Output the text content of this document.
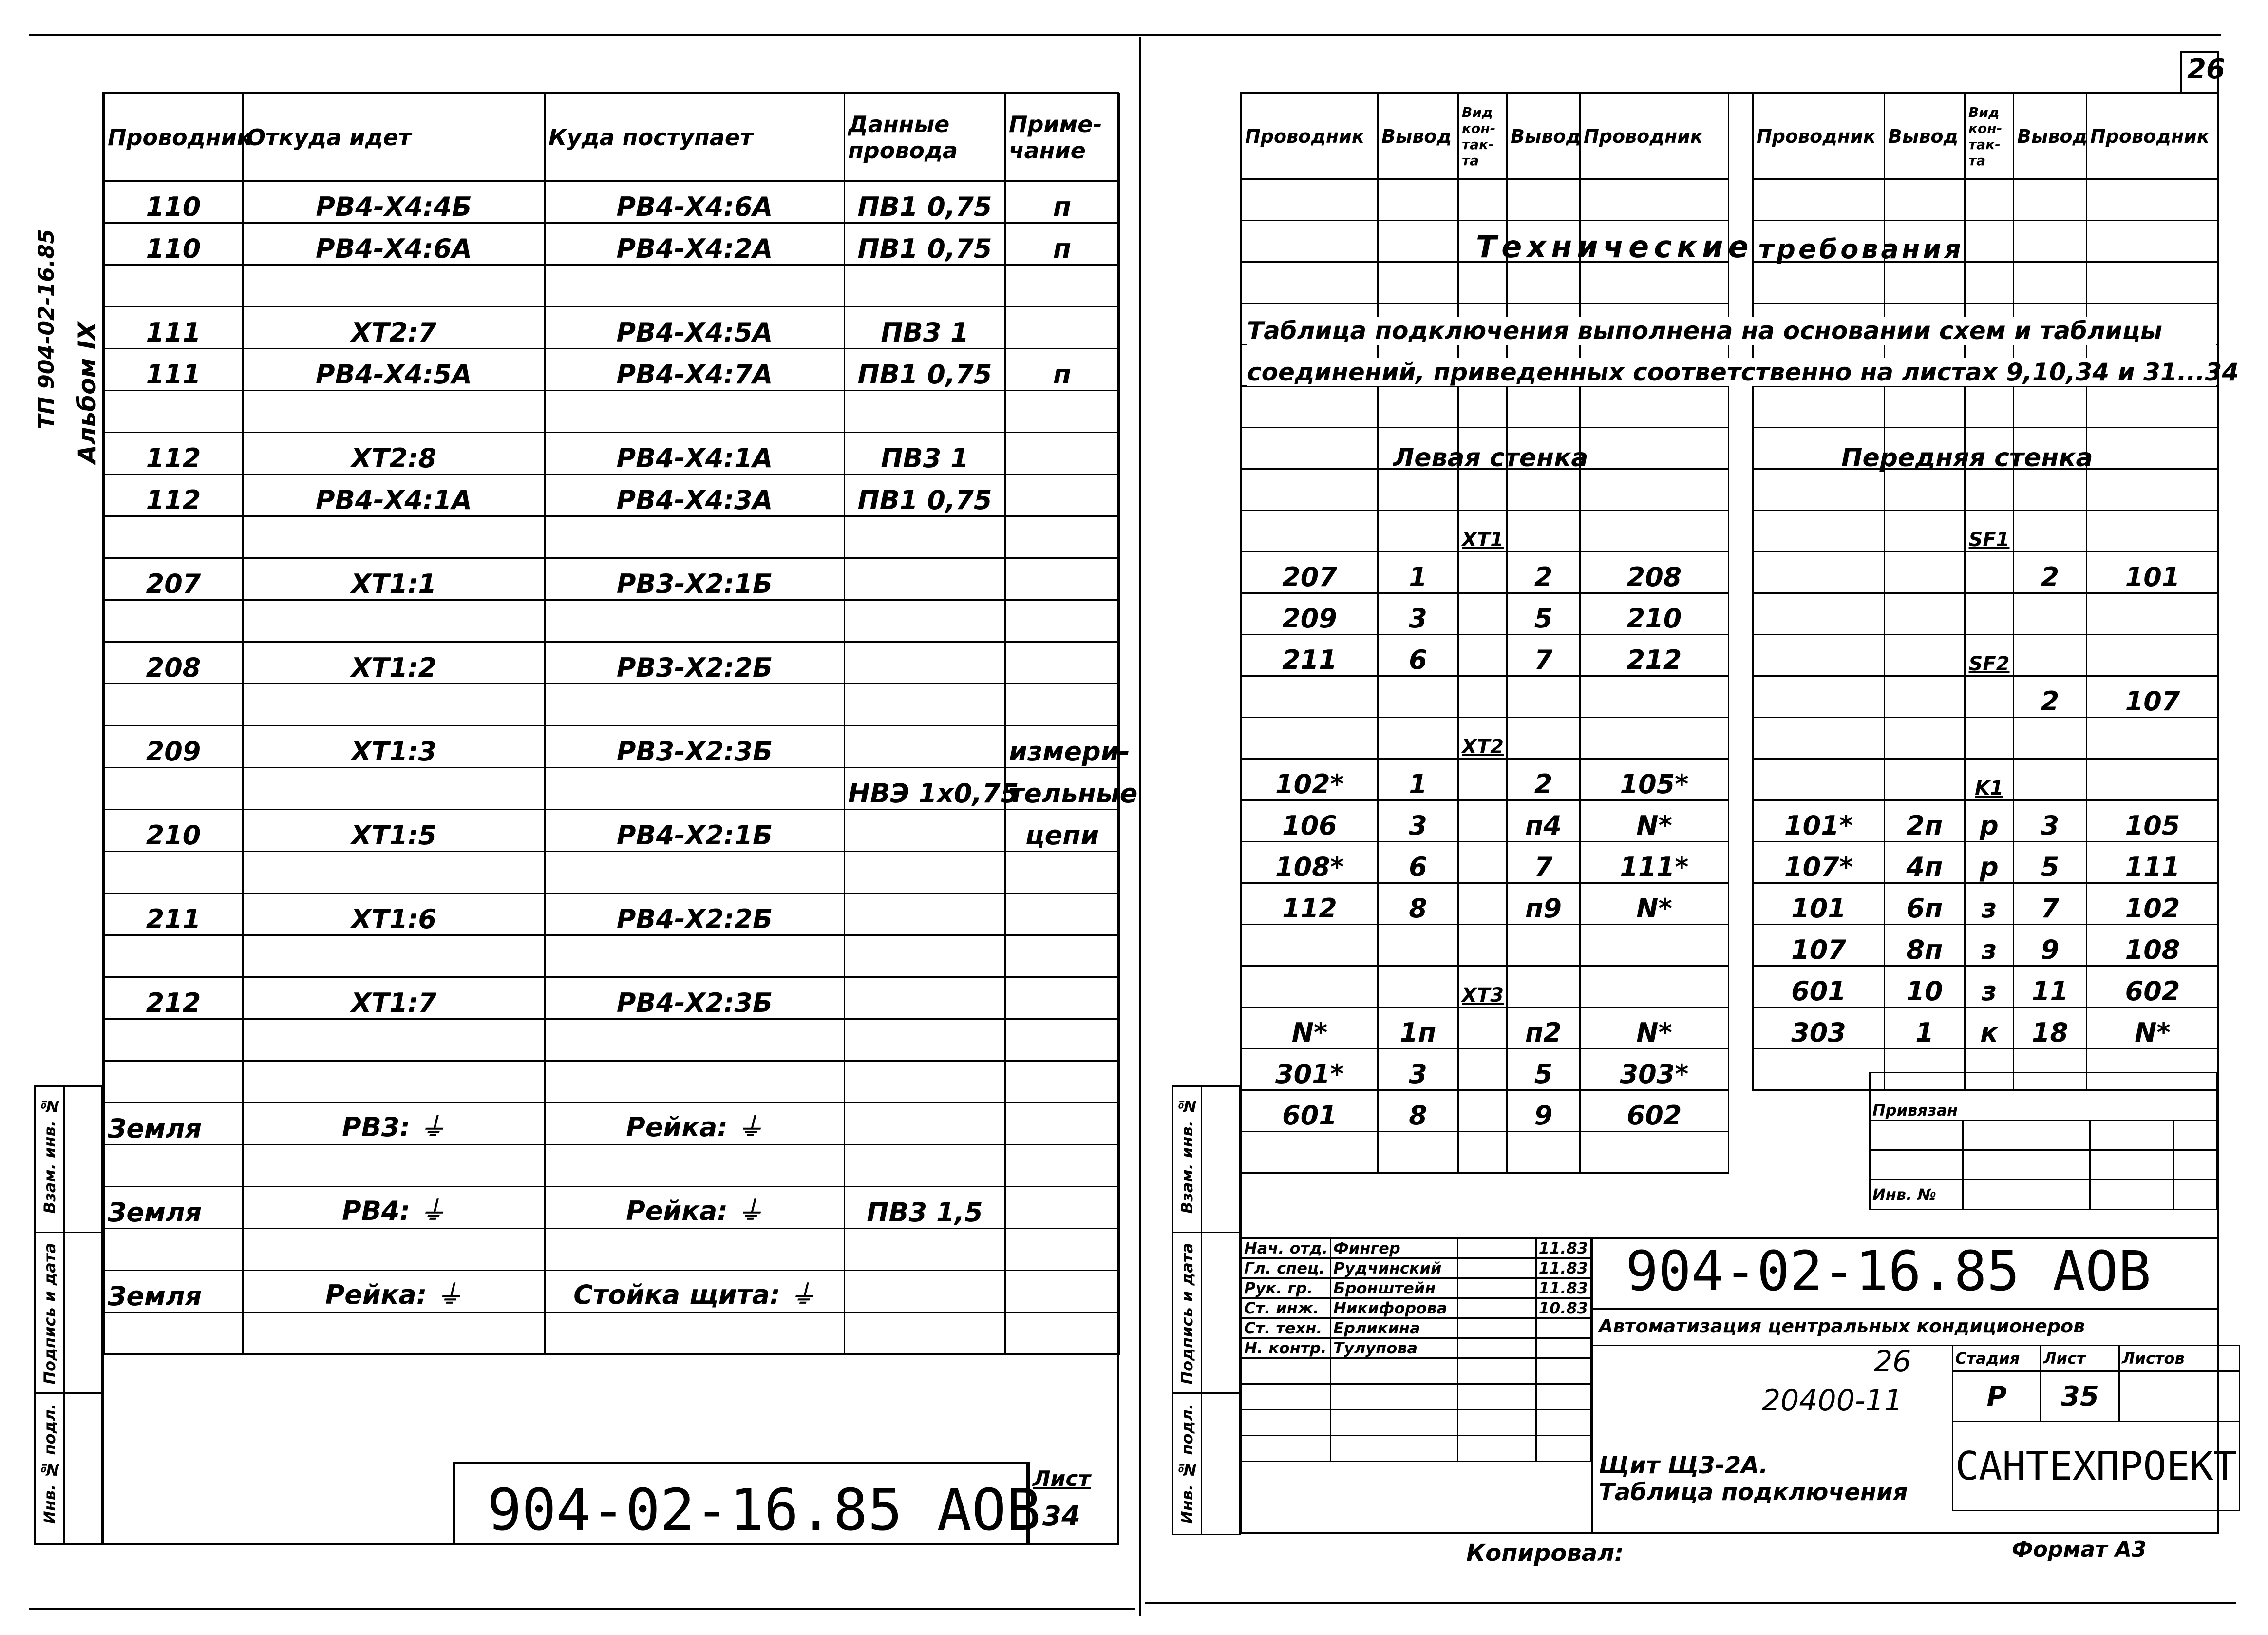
ТП 904-02-16.85 Альбом IX
Проводник	Откуда идет	Куда поступает	Данные провода	Приме-чание
110	РВ4-Х4:4Б	РВ4-Х4:6А	ПВ1 0,75	п
110	РВ4-Х4:6А	РВ4-Х4:2А	ПВ1 0,75	п

111	ХТ2:7	РВ4-Х4:5А	ПВ3 1	
111	РВ4-Х4:5А	РВ4-Х4:7А	ПВ1 0,75	п

112	ХТ2:8	РВ4-Х4:1А	ПВ3 1	
112	РВ4-Х4:1А	РВ4-Х4:3А	ПВ1 0,75	

207	ХТ1:1	РВ3-Х2:1Б		

208	ХТ1:2	РВ3-Х2:2Б		

209	ХТ1:3	РВ3-Х2:3Б		измери-
			НВЭ 1х0,75	тельные
210	ХТ1:5	РВ4-Х2:1Б		цепи

211	ХТ1:6	РВ4-Х2:2Б		

212	ХТ1:7	РВ4-Х2:3Б		

Земля	РВ3: ⏚	Рейка: ⏚		

Земля	РВ4: ⏚	Рейка: ⏚	ПВ3 1,5	

Земля	Рейка: ⏚	Стойка щита: ⏚		

Взам. инв. №	

Подпись и дата	

Инв. № подл.	
		904-02-16.85 АОВ
Лист
34
26
Проводник	Вывод	Вид кон-так-та	Вывод	Проводник

		ХТ1		
207	1		2	208
209	3		5	210
211	6		7	212

		ХТ2		
102*	1		2	105*
106	3		п4	N*
108*	6		7	111*
112	8		п9	N*

		ХТ3		
N*	1п		п2	N*
301*	3		5	303*
601	8		9	602

Проводник	Вывод	Вид кон-так-та	Вывод	Проводник

		SF1		
			2	101

		SF2		
			2	107

		K1		
101*	2п	р	3	105
107*	4п	р	5	111
101	6п	з	7	102
107	8п	з	9	108
601	10	з	11	602
303	1	к	18	N*

Технические требования
Таблица подключения выполнена на основании схем и таблицы
соединений, приведенных соответственно на листах 9,10,34 и 31...34
Левая стенка	Передняя стенка
Привязан			

Инв. №			
Нач. отд.	Фингер		11.83
Гл. спец.	Рудчинский		11.83
Рук. гр.	Бронштейн		11.83
Ст. инж.	Никифорова		10.83
Ст. техн.	Ерликина		
Н. контр.	Тулупова		

904-02-16.85 АОВ
Автоматизация центральных кондиционеров
26
20400-11
Щит Щ3-2А.
Таблица подключения
Стадия	Лист	Листов
Р	35	
САНТЕХПРОЕКТ		
Взам. инв. №	

Подпись и дата	

Инв. № подл.	

Копировал:	Формат А3
